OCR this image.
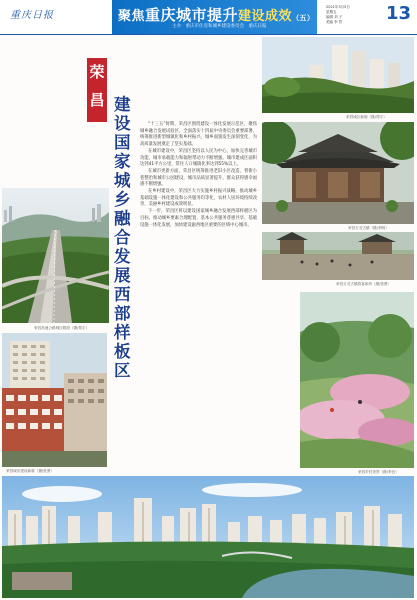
重庆日报	聚焦重庆城市提升建设成效（五）
主办：重庆市住房和城乡建设委员会　重庆日报
2021年3月5日
星期五
编辑 刘 子
美编 李 哲	13
荣昌高速公路城区路段（摄/郑宇）
荣昌城市建设新貌（摄/张勇）
荣昌 建设国家城乡融合发展西部样板区

“十三五”时期，荣昌区围绕建设一体化发展示范区，聚焦城乡融合发展试验区，全面落实十四届中央委员会重要部署，统筹推进新型城镇化和乡村振兴，城乡面貌发生深刻变化，为高质量发展奠定了坚实基础。

在城市建设中，荣昌区坚持以人民为中心，加快完善城市功能，城市承载能力和辐射带动力不断增强。城市建成区面积达到41平方公里，常住人口城镇化率达到55%以上。

在城市更新方面，荣昌区统筹推进老旧小区改造、背街小巷整治和城市公园建设，城市品质显著提升，群众获得感幸福感不断增强。

在乡村建设中，荣昌区大力实施乡村振兴战略，推动城乡基础设施一体化建设和公共服务均等化，农村人居环境持续改善，美丽乡村建设成效明显。

下一步，荣昌区将以建设国家城乡融合发展西部样板区为目标，推动城乡要素合理配置、基本公共服务普惠共享、基础设施一体化发展，加快建设渝西地区重要的区域中心城市。

荣昌城区新貌（摄/郑宇）
荣昌万灵古镇（摄/李明）
荣昌万灵古镇游客如织（摄/张勇）
荣昌乡村美景（摄/李良）
